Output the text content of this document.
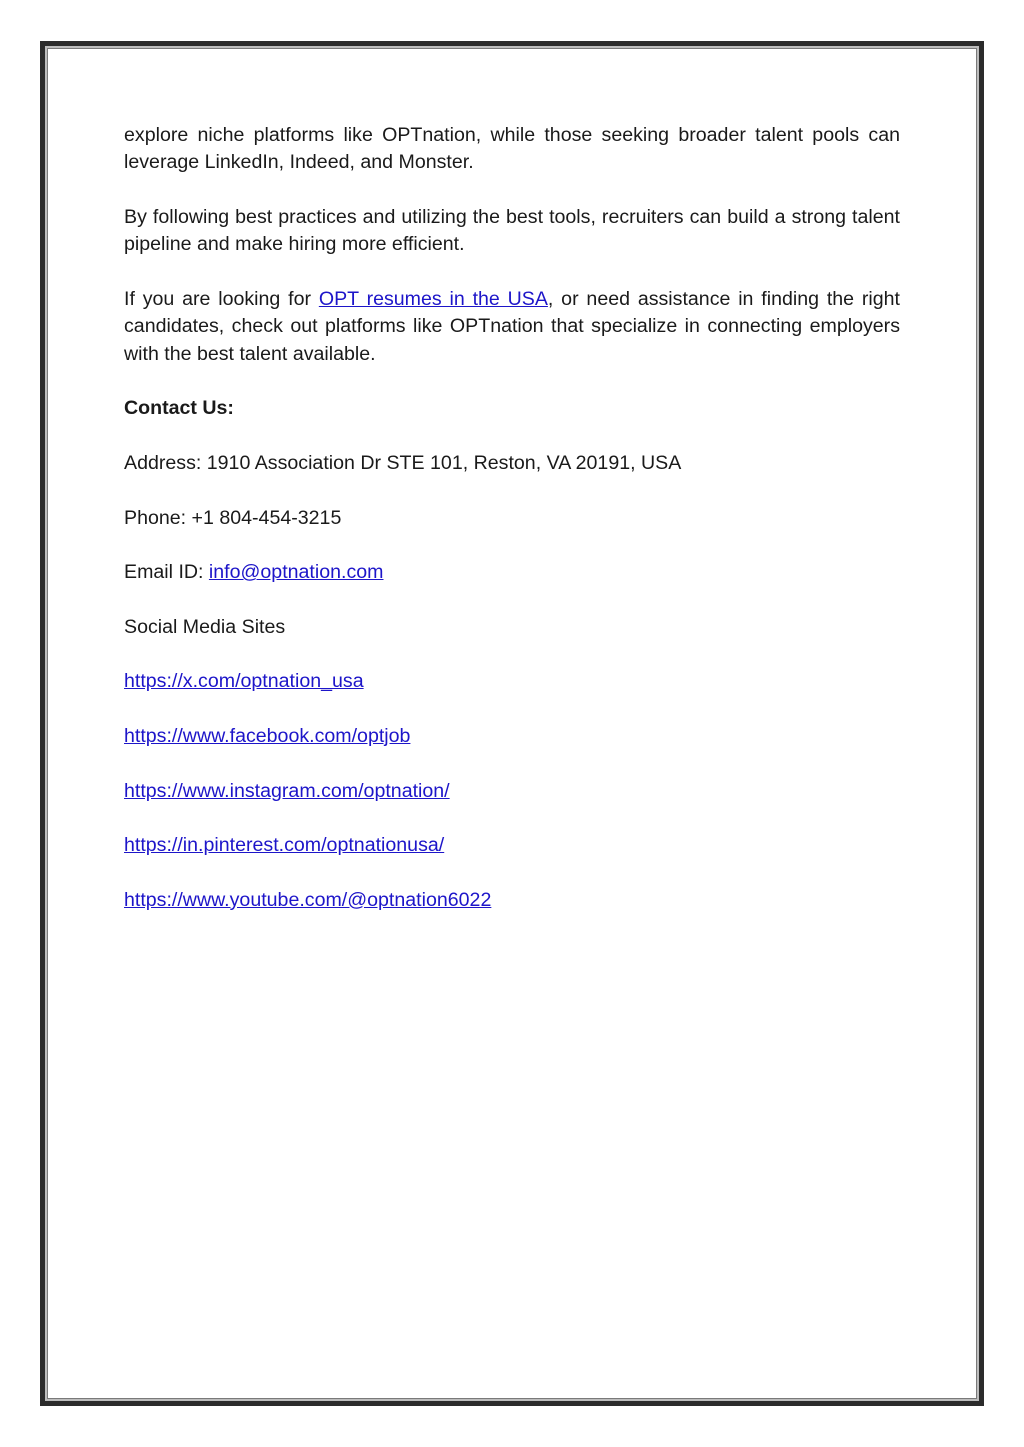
explore niche platforms like OPTnation, while those seeking broader talent pools can leverage LinkedIn, Indeed, and Monster.

By following best practices and utilizing the best tools, recruiters can build a strong talent pipeline and make hiring more efficient.

If you are looking for OPT resumes in the USA, or need assistance in finding the right candidates, check out platforms like OPTnation that specialize in connecting employers with the best talent available.

Contact Us:
Address: 1910 Association Dr STE 101, Reston, VA 20191, USA
Phone: +1 804-454-3215
Email ID: info@optnation.com
Social Media Sites
https://x.com/optnation_usa
https://www.facebook.com/optjob
https://www.instagram.com/optnation/
https://in.pinterest.com/optnationusa/
https://www.youtube.com/@optnation6022
